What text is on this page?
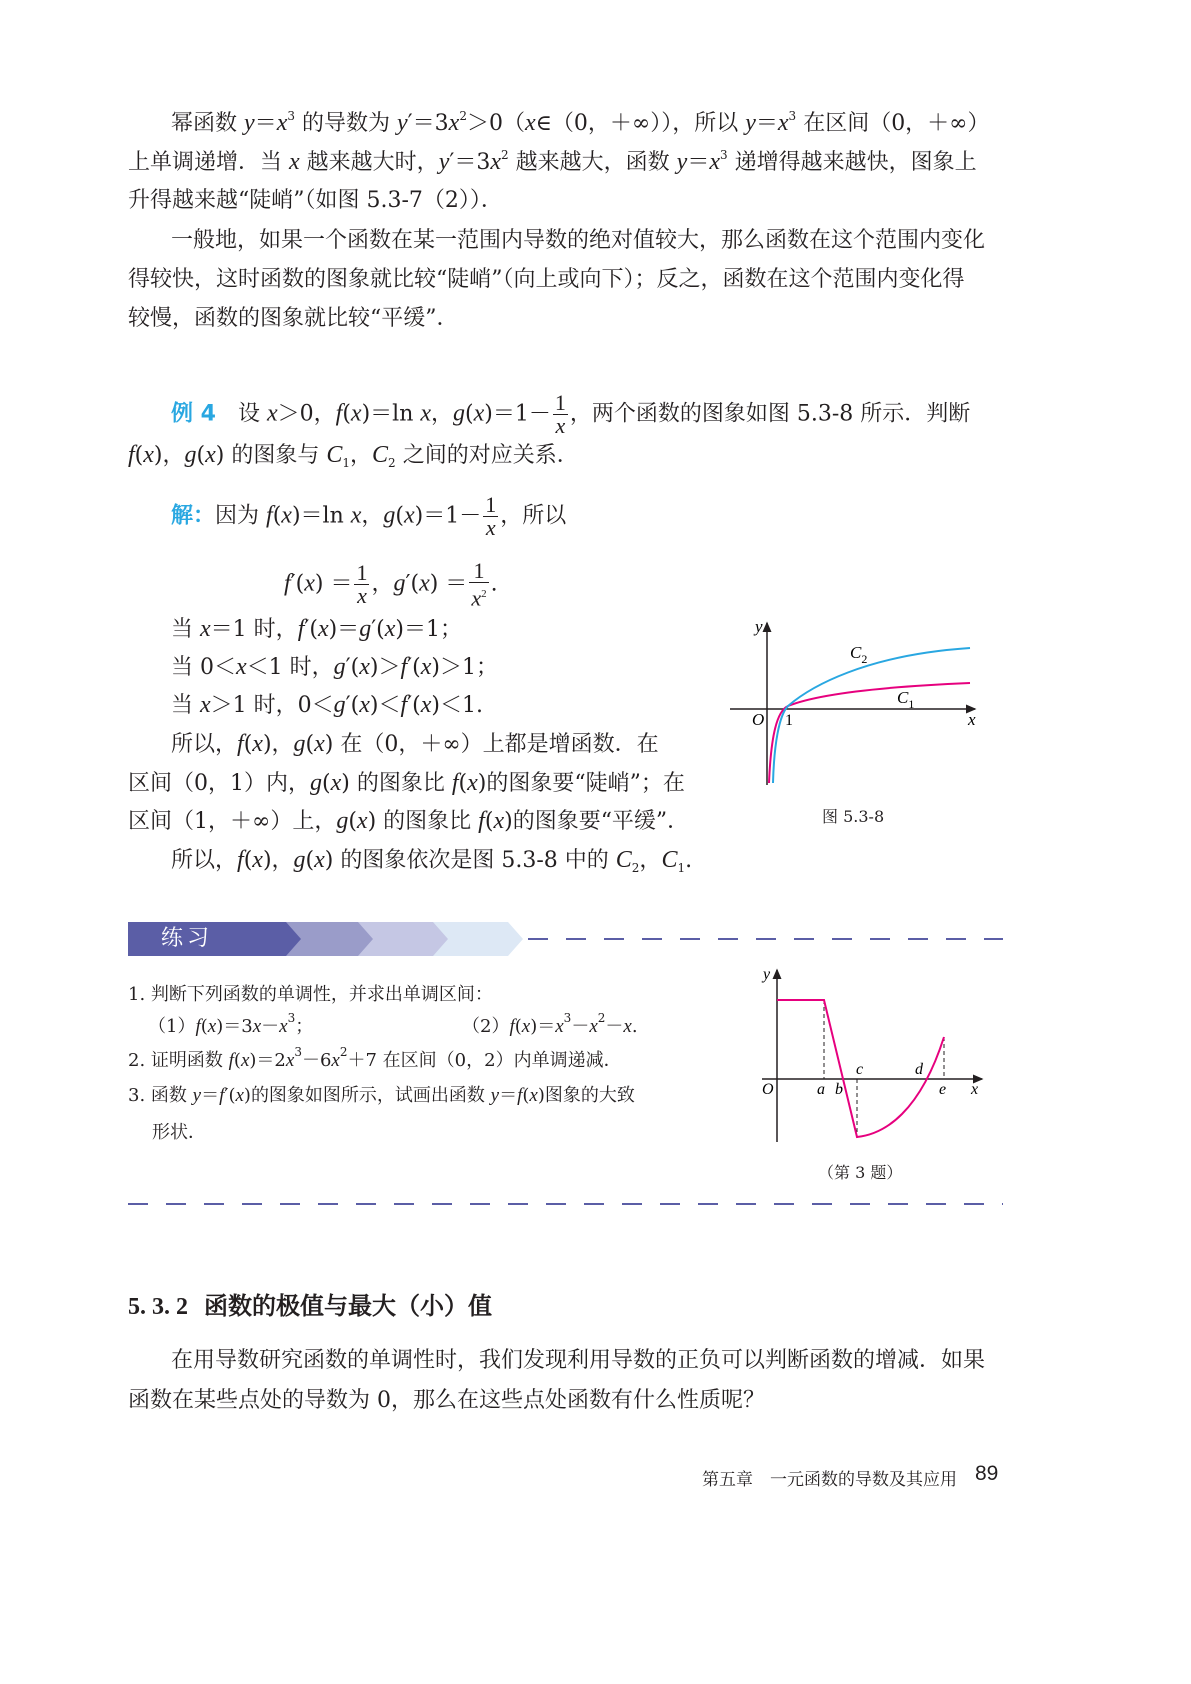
幂函数 $y=x^3$ 的导数为 $y'=3x^2>0(x\in(0$，＋∞）），所以 $y=x^3$ 在区间（0，＋∞）
上单调递增．当 x 越来越大时，$y'=3x^2$ 越来越大，函数 $y=x^3$ 递增得越来越快，图象上
升得越来越“陡峭”（如图 5.3-7（2））．
一般地，如果一个函数在某一范围内导数的绝对值较大，那么函数在这个范围内变化
得较快，这时函数的图象就比较“陡峭”（向上或向下）；反之，函数在这个范围内变化得
较慢，函数的图象就比较“平缓”．
例 4　 设 x＞0，f(x)＝ln x，$g(x)=1- \frac{1}{x}$ ，两个函数的图象如图 5.3-8 所示．判断
f(x)，g(x) 的图象与 $C_1$，$C_2$ 之间的对应关系．
解：因为 f(x)＝ln x，$g(x)=1- \frac{1}{x}$ ，所以
$f'(x) = \frac{1}{x}$ ，$g'(x) = \frac{1}{x^2}$ .
当 x＝1 时，f′(x)＝g′(x)＝1；
当 0＜x＜1 时，g′(x)＞f′(x)＞1；
当 x＞1 时，0＜g′(x)＜f′(x)＜1.
所以，f(x)，g(x) 在（0，＋∞）上都是增函数．在
区间（0，1）内，g(x) 的图象比 f(x)的图象要“陡峭”；在
区间（1，＋∞）上，g(x) 的图象比 f(x)的图象要“平缓”．
所以，f(x)，g(x) 的图象依次是图 5.3-8 中的 $C_2$，$C_1$.
y
x
O 1
$C_2$
$C_1$
图 5.3-8
练习
1. 判断下列函数的单调性，并求出单调区间：
$(1)f(x)=3x-x^3$；	$(2)f(x)=x^3-x^2-x$.
2. 证明函数 $f(x)=2x^3-6x^2+7$ 在区间（0，2）内单调递减．
3. 函数 y＝f′(x)的图象如图所示，试画出函数 y＝f(x)图象的大致
形状．
y
x
O	a b
c	d
e
（第 3 题）
5. 3. 2　 函数的极值与最大（小）值
在用导数研究函数的单调性时，我们发现利用导数的正负可以判断函数的增减．如果
函数在某些点处的导数为 0，那么在这些点处函数有什么性质呢？
第五章　一元函数的导数及其应用 89
